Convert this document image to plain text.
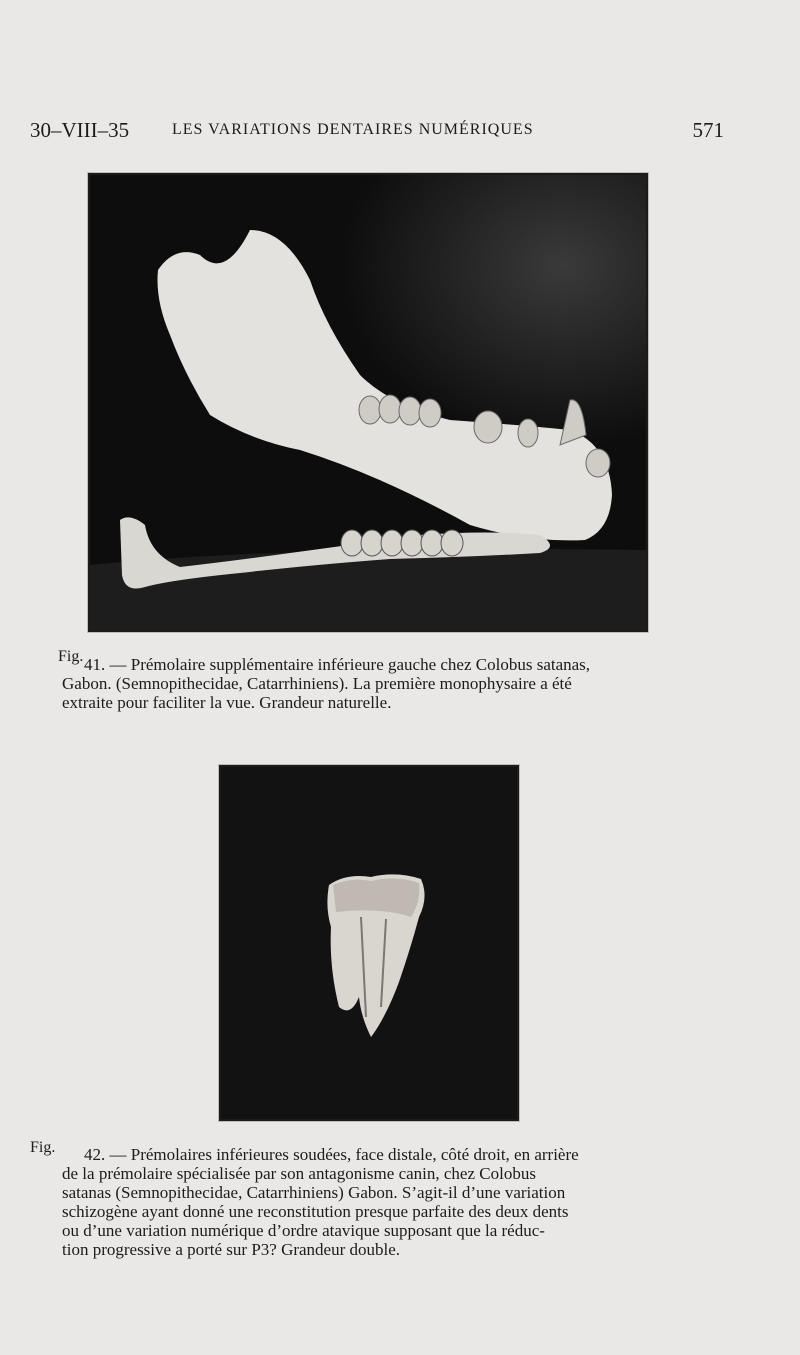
30–VIII–35	LES VARIATIONS DENTAIRES NUMÉRIQUES	571
Fig. 41. — Prémolaire supplémentaire inférieure gauche chez Colobus satanas,
Gabon. (Semnopithecidae, Catarrhiniens). La première monophysaire a été
extraite pour faciliter la vue. Grandeur naturelle.
Fig.	42. — Prémolaires inférieures soudées, face distale, côté droit, en arrière
de la prémolaire spécialisée par son antagonisme canin, chez Colobus
satanas (Semnopithecidae, Catarrhiniens) Gabon. S’agit-il d’une variation
schizogène ayant donné une reconstitution presque parfaite des deux dents
ou d’une variation numérique d’ordre atavique supposant que la réduc-
tion progressive a porté sur P3? Grandeur double.
